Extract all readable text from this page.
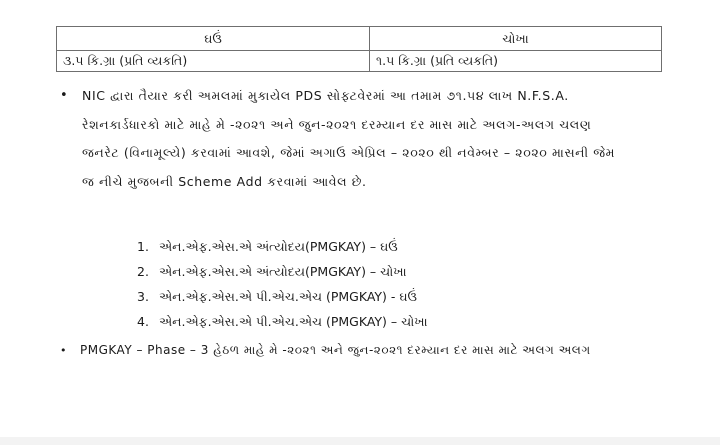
ઘઉં	ચોખા
૩.૫ કિ.ગ્રા (પ્રતિ વ્યકતિ)	૧.૫ કિ.ગ્રા (પ્રતિ વ્યકતિ)
• NIC દ્વારા તૈયાર કરી અમલમાં મુકાયેલ PDS સોફ્ટવેરમાં આ તમામ ૭૧.૫૪ લાખ N.F.S.A.
રેશનકાર્ડધારકો માટે માહે મે -૨૦૨૧ અને જુન-૨૦૨૧ દરમ્યાન દર માસ માટે અલગ-અલગ ચલણ
જનરેટ (વિનામૂલ્યે) કરવામાં આવશે, જેમાં અગાઉ એપ્રિલ – ૨૦૨૦ થી નવેમ્બર – ૨૦૨૦ માસની જેમ
જ નીચે મુજબની Scheme Add કરવામાં આવેલ છે.
1. એન.એફ.એસ.એ અંત્યોદય(PMGKAY) – ઘઉં
2. એન.એફ.એસ.એ અંત્યોદય(PMGKAY) – ચોખા
3. એન.એફ.એસ.એ પી.એચ.એચ (PMGKAY) - ઘઉં
4. એન.એફ.એસ.એ પી.એચ.એચ (PMGKAY) – ચોખા
•	PMGKAY – Phase – 3 હેઠળ માહે મે -૨૦૨૧ અને જુન-૨૦૨૧ દરમ્યાન દર માસ માટે અલગ અલગ
